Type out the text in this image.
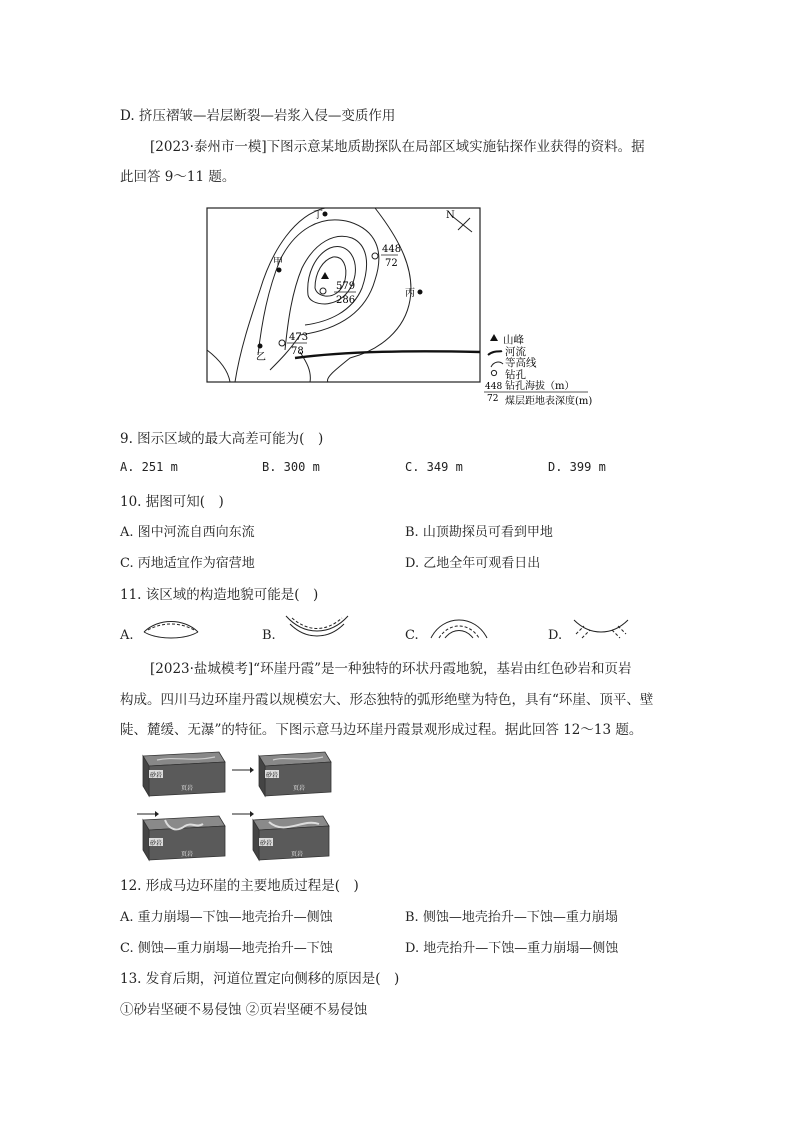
D. 挤压褶皱—岩层断裂—岩浆入侵—变质作用
[2023·泰州市一模]下图示意某地质勘探队在局部区域实施钻探作业获得的资料。据
此回答 9～11 题。
丁
甲
乙
丙
448
72
579
286
473
78
N
山峰
河流
等高线
钻孔
448
72
钻孔海拔（m）
煤层距地表深度(m)
9. 图示区域的最大高差可能为(　)
A. 251 m	B. 300 m	C. 349 m	D. 399 m
10. 据图可知(　)
A. 图中河流自西向东流	B. 山顶勘探员可看到甲地
C. 丙地适宜作为宿营地	D. 乙地全年可观看日出
11. 该区域的构造地貌可能是(　)
A.	B.	C.	D.
[2023·盐城模考]“环崖丹霞”是一种独特的环状丹霞地貌，基岩由红色砂岩和页岩
构成。四川马边环崖丹霞以规模宏大、形态独特的弧形绝壁为特色，具有“环崖、顶平、壁
陡、麓缓、无瀑”的特征。下图示意马边环崖丹霞景观形成过程。据此回答 12～13 题。
砂岩
页岩
砂岩
页岩
砂岩
页岩
砂岩
页岩
12. 形成马边环崖的主要地质过程是(　)
A. 重力崩塌—下蚀—地壳抬升—侧蚀	B. 侧蚀—地壳抬升—下蚀—重力崩塌
C. 侧蚀—重力崩塌—地壳抬升—下蚀	D. 地壳抬升—下蚀—重力崩塌—侧蚀
13. 发育后期，河道位置定向侧移的原因是(　)
①砂岩坚硬不易侵蚀 ②页岩坚硬不易侵蚀
